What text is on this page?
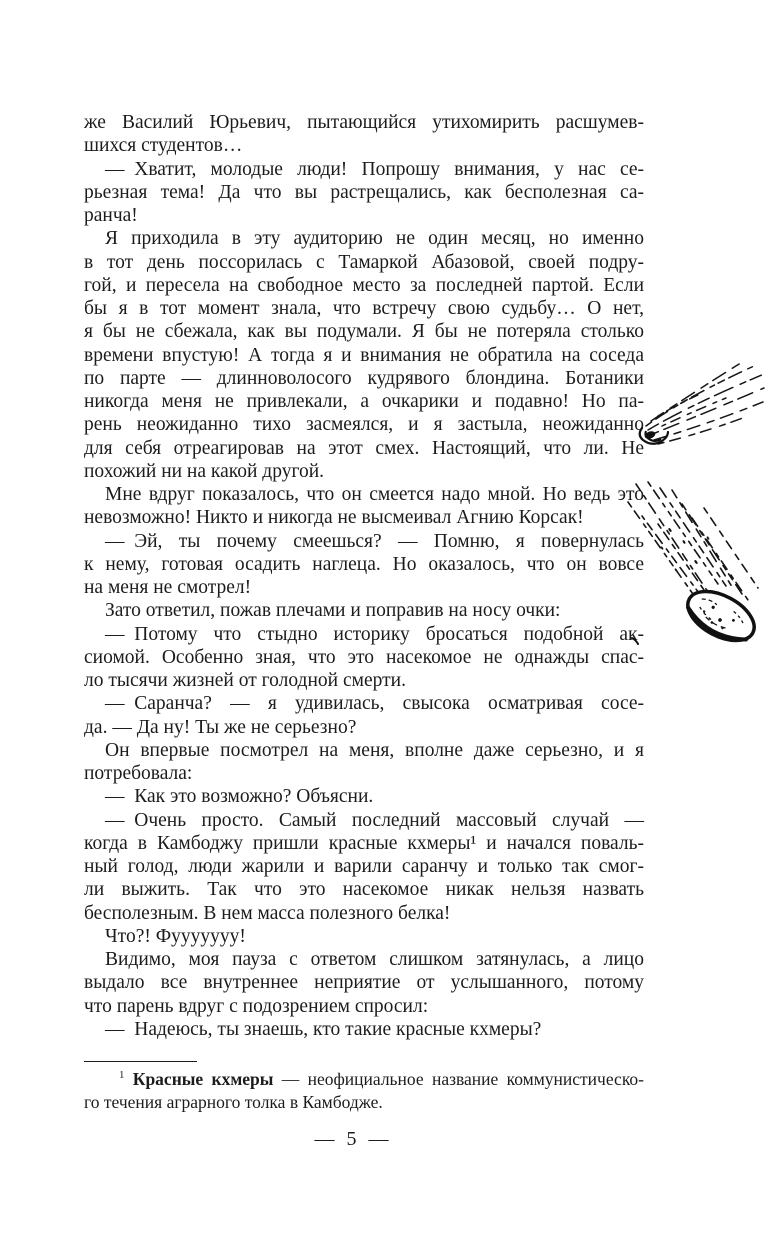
же Василий Юрьевич, пытающийся утихомирить расшумев-
шихся студентов…
— Хватит, молодые люди! Попрошу внимания, у нас се-
рьезная тема! Да что вы растрещались, как бесполезная са-
ранча!
Я приходила в эту аудиторию не один месяц, но именно
в тот день поссорилась с Тамаркой Абазовой, своей подру-
гой, и пересела на свободное место за последней партой. Если
бы я в тот момент знала, что встречу свою судьбу… О нет,
я бы не сбежала, как вы подумали. Я бы не потеряла столько
времени впустую! А тогда я и внимания не обратила на соседа
по парте — длинноволосого кудрявого блондина. Ботаники
никогда меня не привлекали, а очкарики и подавно! Но па-
рень неожиданно тихо засмеялся, и я застыла, неожиданно
для себя отреагировав на этот смех. Настоящий, что ли. Не
похожий ни на какой другой.
Мне вдруг показалось, что он смеется надо мной. Но ведь это
невозможно! Никто и никогда не высмеивал Агнию Корсак!
— Эй, ты почему смеешься? — Помню, я повернулась
к нему, готовая осадить наглеца. Но оказалось, что он вовсе
на меня не смотрел!
Зато ответил, пожав плечами и поправив на носу очки:
— Потому что стыдно историку бросаться подобной ак-
сиомой. Особенно зная, что это насекомое не однажды спас-
ло тысячи жизней от голодной смерти.
— Саранча? — я удивилась, свысока осматривая сосе-
да. — Да ну! Ты же не серьезно?
Он впервые посмотрел на меня, вполне даже серьезно, и я
потребовала:
— Как это возможно? Объясни.
— Очень просто. Самый последний массовый случай —
когда в Камбоджу пришли красные кхмеры¹ и начался поваль-
ный голод, люди жарили и варили саранчу и только так смог-
ли выжить. Так что это насекомое никак нельзя назвать
бесполезным. В нем масса полезного белка!
Что?! Фууууууу!
Видимо, моя пауза с ответом слишком затянулась, а лицо
выдало все внутреннее неприятие от услышанного, потому
что парень вдруг с подозрением спросил:
— Надеюсь, ты знаешь, кто такие красные кхмеры?
$^1$ Красные кхмеры — неофициальное название коммунистическо-
го течения аграрного толка в Камбодже.
— 5 —
